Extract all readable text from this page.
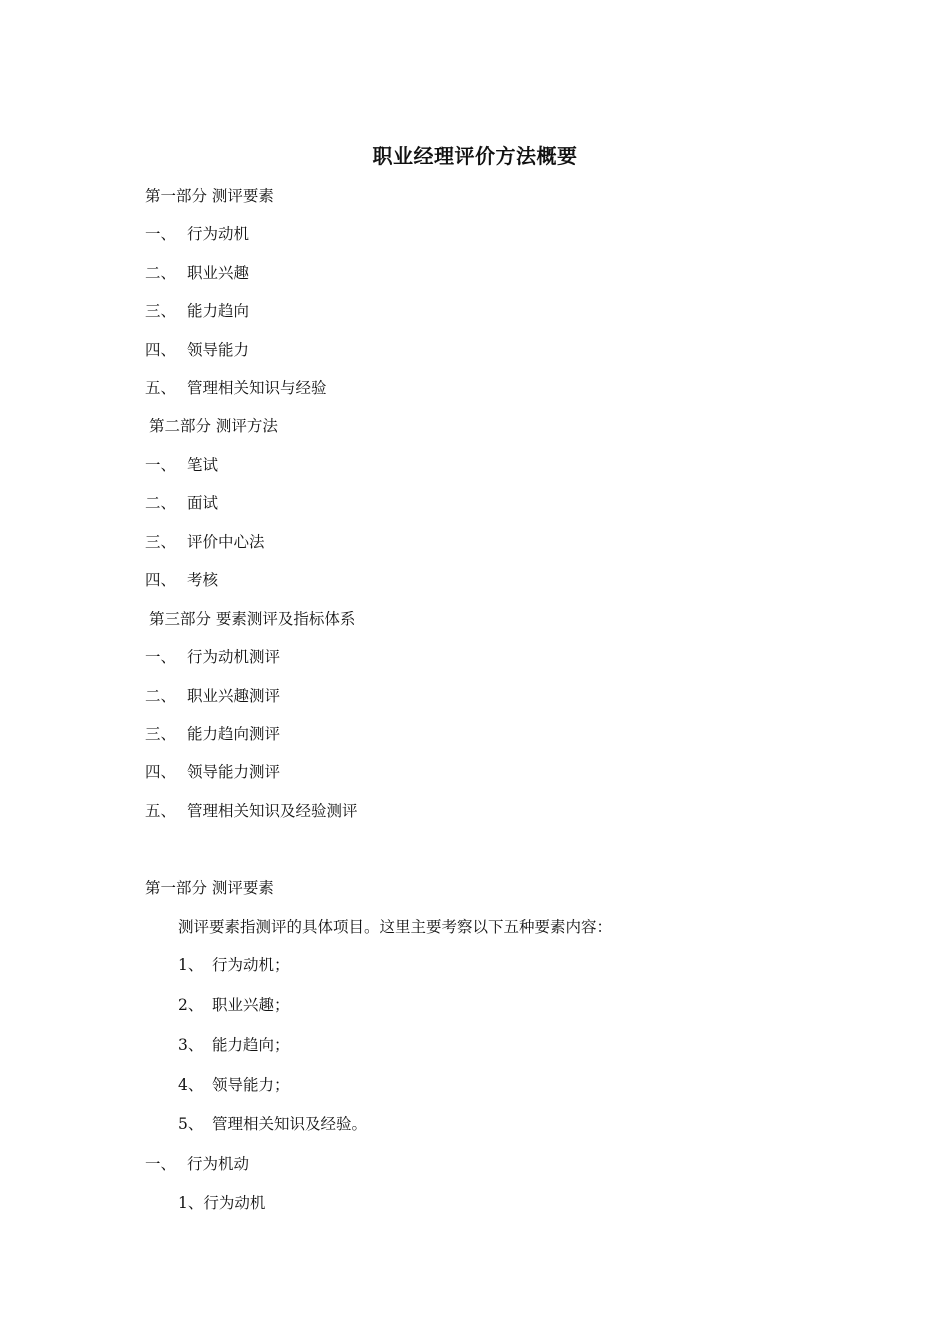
职业经理评价方法概要
第一部分 测评要素
一、 行为动机
二、 职业兴趣
三、 能力趋向
四、 领导能力
五、 管理相关知识与经验
第二部分 测评方法
一、 笔试
二、 面试
三、 评价中心法
四、 考核
第三部分 要素测评及指标体系
一、 行为动机测评
二、 职业兴趣测评
三、 能力趋向测评
四、 领导能力测评
五、 管理相关知识及经验测评
第一部分 测评要素
测评要素指测评的具体项目。这里主要考察以下五种要素内容：
1、 行为动机；
2、 职业兴趣；
3、 能力趋向；
4、 领导能力；
5、 管理相关知识及经验。
一、 行为机动
1、行为动机
